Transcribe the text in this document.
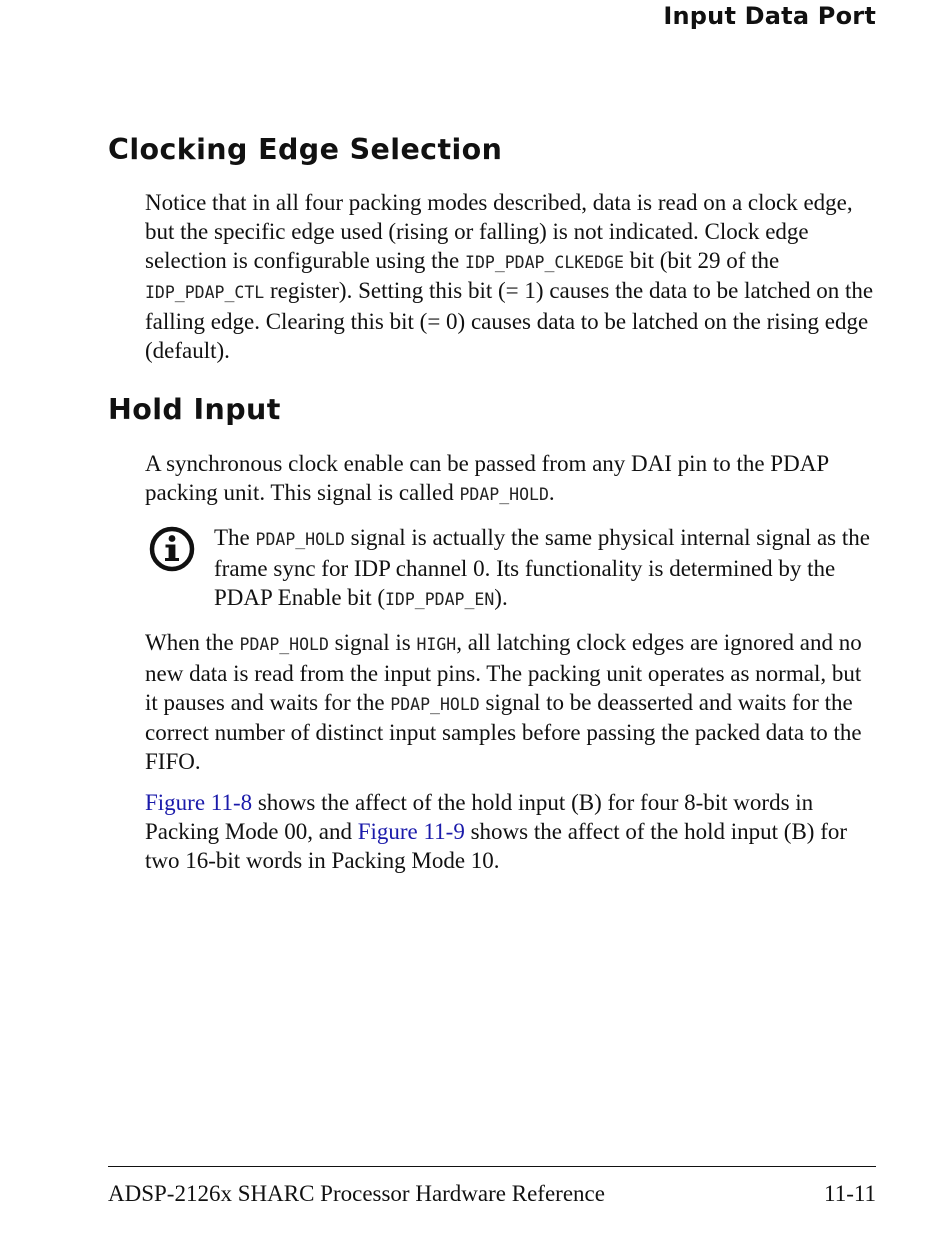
Input Data Port

Clocking Edge Selection

Notice that in all four packing modes described, data is read on a clock edge, but the specific edge used (rising or falling) is not indicated. Clock edge selection is configurable using the IDP_PDAP_CLKEDGE bit (bit 29 of the IDP_PDAP_CTL register). Setting this bit (= 1) causes the data to be latched on the falling edge. Clearing this bit (= 0) causes data to be latched on the rising edge (default).

Hold Input

A synchronous clock enable can be passed from any DAI pin to the PDAP packing unit. This signal is called PDAP_HOLD.

The PDAP_HOLD signal is actually the same physical internal signal as the frame sync for IDP channel 0. Its functionality is determined by the PDAP Enable bit (IDP_PDAP_EN).

When the PDAP_HOLD signal is HIGH, all latching clock edges are ignored and no new data is read from the input pins. The packing unit operates as normal, but it pauses and waits for the PDAP_HOLD signal to be deasserted and waits for the correct number of distinct input samples before passing the packed data to the FIFO.

Figure 11-8 shows the affect of the hold input (B) for four 8-bit words in Packing Mode 00, and Figure 11-9 shows the affect of the hold input (B) for two 16-bit words in Packing Mode 10.

ADSP-2126x SHARC Processor Hardware Reference	11-11
